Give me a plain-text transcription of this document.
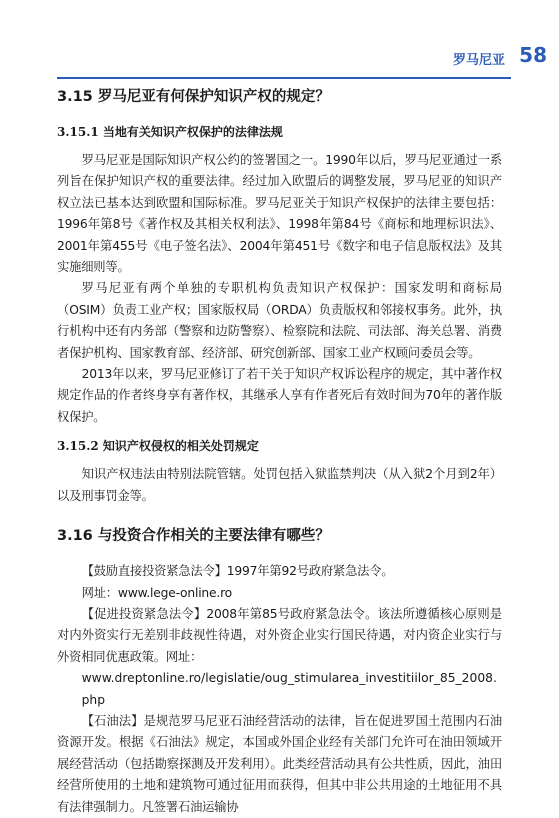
罗马尼亚 58
3.15 罗马尼亚有何保护知识产权的规定？
3.15.1 当地有关知识产权保护的法律法规

罗马尼亚是国际知识产权公约的签署国之一。1990年以后，罗马尼亚通过一系列旨在保护知识产权的重要法律。经过加入欧盟后的调整发展，罗马尼亚的知识产权立法已基本达到欧盟和国际标准。罗马尼亚关于知识产权保护的法律主要包括：1996年第8号《著作权及其相关权利法》、1998年第84号《商标和地理标识法》、2001年第455号《电子签名法》、2004年第451号《数字和电子信息版权法》及其实施细则等。

罗马尼亚有两个单独的专职机构负责知识产权保护：国家发明和商标局（OSIM）负责工业产权；国家版权局（ORDA）负责版权和邻接权事务。此外，执行机构中还有内务部（警察和边防警察）、检察院和法院、司法部、海关总署、消费者保护机构、国家教育部、经济部、研究创新部、国家工业产权顾问委员会等。

2013年以来，罗马尼亚修订了若干关于知识产权诉讼程序的规定，其中著作权规定作品的作者终身享有著作权，其继承人享有作者死后有效时间为70年的著作版权保护。

3.15.2 知识产权侵权的相关处罚规定

知识产权违法由特别法院管辖。处罚包括入狱监禁判决（从入狱2个月到2年）以及刑事罚金等。

3.16 与投资合作相关的主要法律有哪些？

【鼓励直接投资紧急法令】1997年第92号政府紧急法令。

网址：www.lege-online.ro

【促进投资紧急法令】2008年第85号政府紧急法令。该法所遵循核心原则是对内外资实行无差别非歧视性待遇，对外资企业实行国民待遇，对内资企业实行与外资相同优惠政策。网址：

www.dreptonline.ro/legislatie/oug_stimularea_investitiilor_85_2008.php

【石油法】是规范罗马尼亚石油经营活动的法律，旨在促进罗国土范围内石油资源开发。根据《石油法》规定，本国或外国企业经有关部门允许可在油田领域开展经营活动（包括勘察探测及开发利用）。此类经营活动具有公共性质，因此，油田经营所使用的土地和建筑物可通过征用而获得，但其中非公共用途的土地征用不具有法律强制力。凡签署石油运输协
